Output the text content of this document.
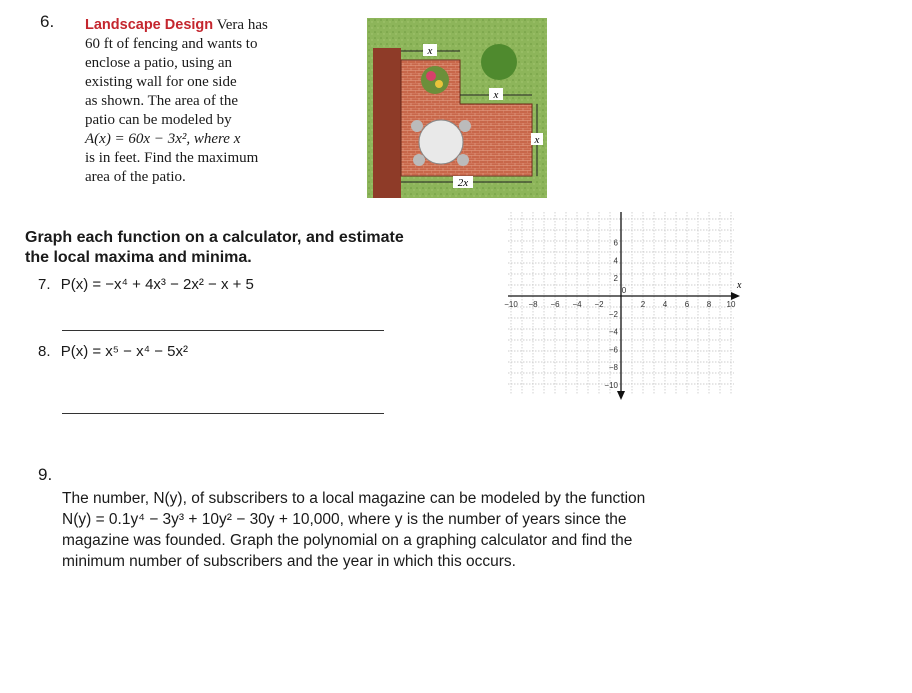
6. Landscape Design Vera has
60 ft of fencing and wants to
enclose a patio, using an
existing wall for one side
as shown. The area of the
patio can be modeled by
A(x) = 60x − 3x², where x
is in feet. Find the maximum
area of the patio.
x
x
x
2x
Graph each function on a calculator, and estimate
the local maxima and minima.
7. P(x) = −x⁴ + 4x³ − 2x² − x + 5
8. P(x) = x⁵ − x⁴ − 5x²
x
−10 −8 −6 −4 −2
0
2 4 6 8 10
6
4
2
−2
−4
−6
−8
−10
9.
The number, N(y), of subscribers to a local magazine can be modeled by the function
N(y) = 0.1y⁴ − 3y³ + 10y² − 30y + 10,000, where y is the number of years since the
magazine was founded. Graph the polynomial on a graphing calculator and find the
minimum number of subscribers and the year in which this occurs.
